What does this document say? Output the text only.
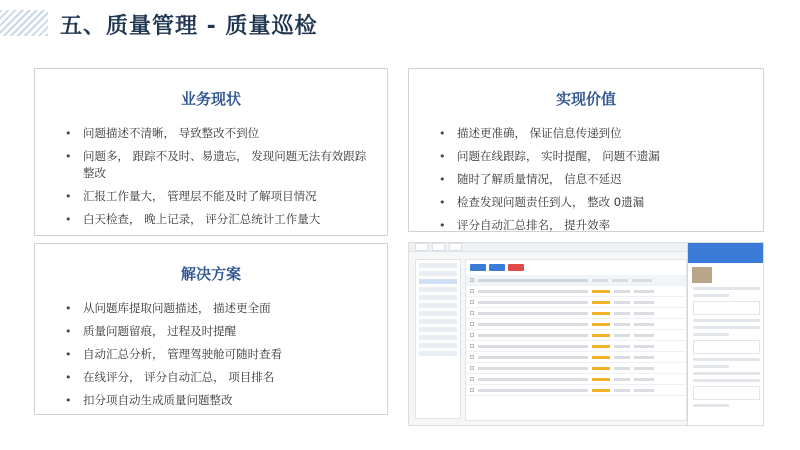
五、质量管理 - 质量巡检
业务现状
• 问题描述不清晰， 导致整改不到位
• 问题多， 跟踪不及时、易遗忘， 发现问题无法有效跟踪整改
• 汇报工作量大， 管理层不能及时了解项目情况
• 白天检查， 晚上记录， 评分汇总统计工作量大
实现价值
• 描述更准确， 保证信息传递到位
• 问题在线跟踪， 实时提醒， 问题不遗漏
• 随时了解质量情况， 信息不延迟
• 检查发现问题责任到人， 整改 0遗漏
• 评分自动汇总排名， 提升效率
解决方案
• 从问题库提取问题描述， 描述更全面
• 质量问题留痕， 过程及时提醒
• 自动汇总分析， 管理驾驶舱可随时查看
• 在线评分， 评分自动汇总， 项目排名
• 扣分项自动生成质量问题整改
